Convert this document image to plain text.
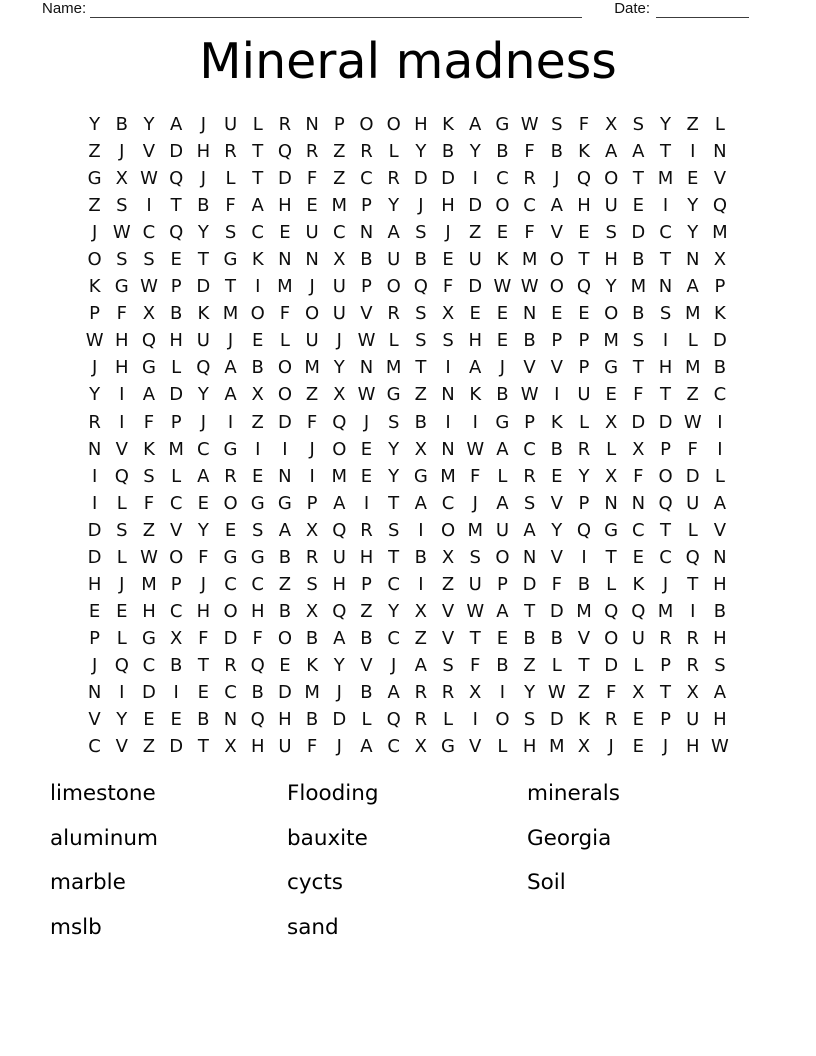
Name:	Date:
Mineral madness
Y B Y A	J U L R N P O O H K A G W S F X S Y Z L
Z	J	V D H R T Q R Z R L Y B Y B F B K A A T	I N
G X W Q J	L T D F Z C R D D I	C R	J Q O T M E V
Z S	I	T B F A H E M P Y	J H D O C A H U E	I	Y Q
J W C Q Y S C E U C N A S	J	Z E F V E S D C Y M
O S S E T G K N N X B U B E U K M O T H B T N X
K G W P D T	I M J U P O Q F D W W O Q Y M N A P
P F X B K M O F O U V R S X E E N E E O B S M K
W H Q H U J	E L U J W L S S H E B P P M S	I	L D
J H G L Q A B O M Y N M T	I	A	J	V V P G T H M B
Y	I	A D Y A X O Z X W G Z N K B W I U E F T Z C
R	I	F P	J	I	Z D F Q J	S B	I	I G P K L X D D W I
N V K M C G I	I	J O E Y X N W A C B R L X P F	I
I Q S L A R E N I M E Y G M F L R E Y X F O D L
I	L F C E O G G P A	I	T A C	J	A S V P N N Q U A
D S Z V Y E S A X Q R S	I O M U A Y Q G C T L V
D L W O F G G B R U H T B X S O N V	I	T E C Q N
H J M P	J	C C Z S H P C	I	Z U P D F B L K	J	T H
E E H C H O H B X Q Z Y X V W A T D M Q Q M I	B
P L G X F D F O B A B C Z V T E B B V O U R R H
J Q C B T R Q E K Y V	J	A S F B Z L T D L P R S
N I D I	E C B D M J	B A R R X	I	Y W Z F X T X A
V Y E E B N Q H B D L Q R L	I O S D K R E P U H
C V Z D T X H U F	J	A C X G V L H M X	J	E	J H W
limestone
aluminum
marble
mslb
Flooding
bauxite
cycts
sand
minerals
Georgia
Soil
